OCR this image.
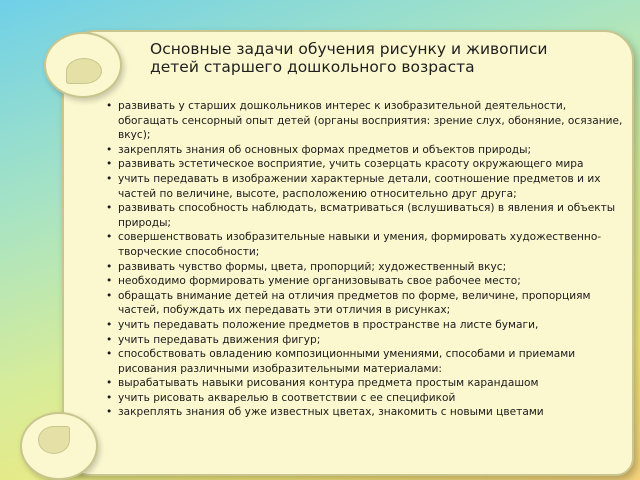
Основные задачи обучения рисунку и живописи детей старшего дошкольного возраста
• развивать у старших дошкольников интерес к изобразительной деятельности, обогащать сенсорный опыт детей (органы восприятия: зрение слух, обоняние, осязание, вкус);
• закреплять знания об основных формах предметов и объектов природы;
• развивать эстетическое восприятие, учить созерцать красоту окружающего мира
• учить передавать в изображении характерные детали, соотношение предметов и их частей по величине, высоте, расположению относительно друг друга;
• развивать способность наблюдать, всматриваться (вслушиваться) в явления и объекты природы;
• совершенствовать изобразительные навыки и умения, формировать художественно-творческие способности;
• развивать чувство формы, цвета, пропорций; художественный вкус;
• необходимо формировать умение организовывать свое рабочее место;
• обращать внимание детей на отличия предметов по форме, величине, пропорциям частей, побуждать их передавать эти отличия в рисунках;
• учить передавать положение предметов в пространстве на листе бумаги,
• учить передавать движения фигур;
• способствовать овладению композиционными умениями, способами и приемами рисования различными изобразительными материалами:
• вырабатывать навыки рисования контура предмета простым карандашом
• учить рисовать акварелью в соответствии с ее спецификой
• закреплять знания об уже известных цветах, знакомить с новыми цветами
